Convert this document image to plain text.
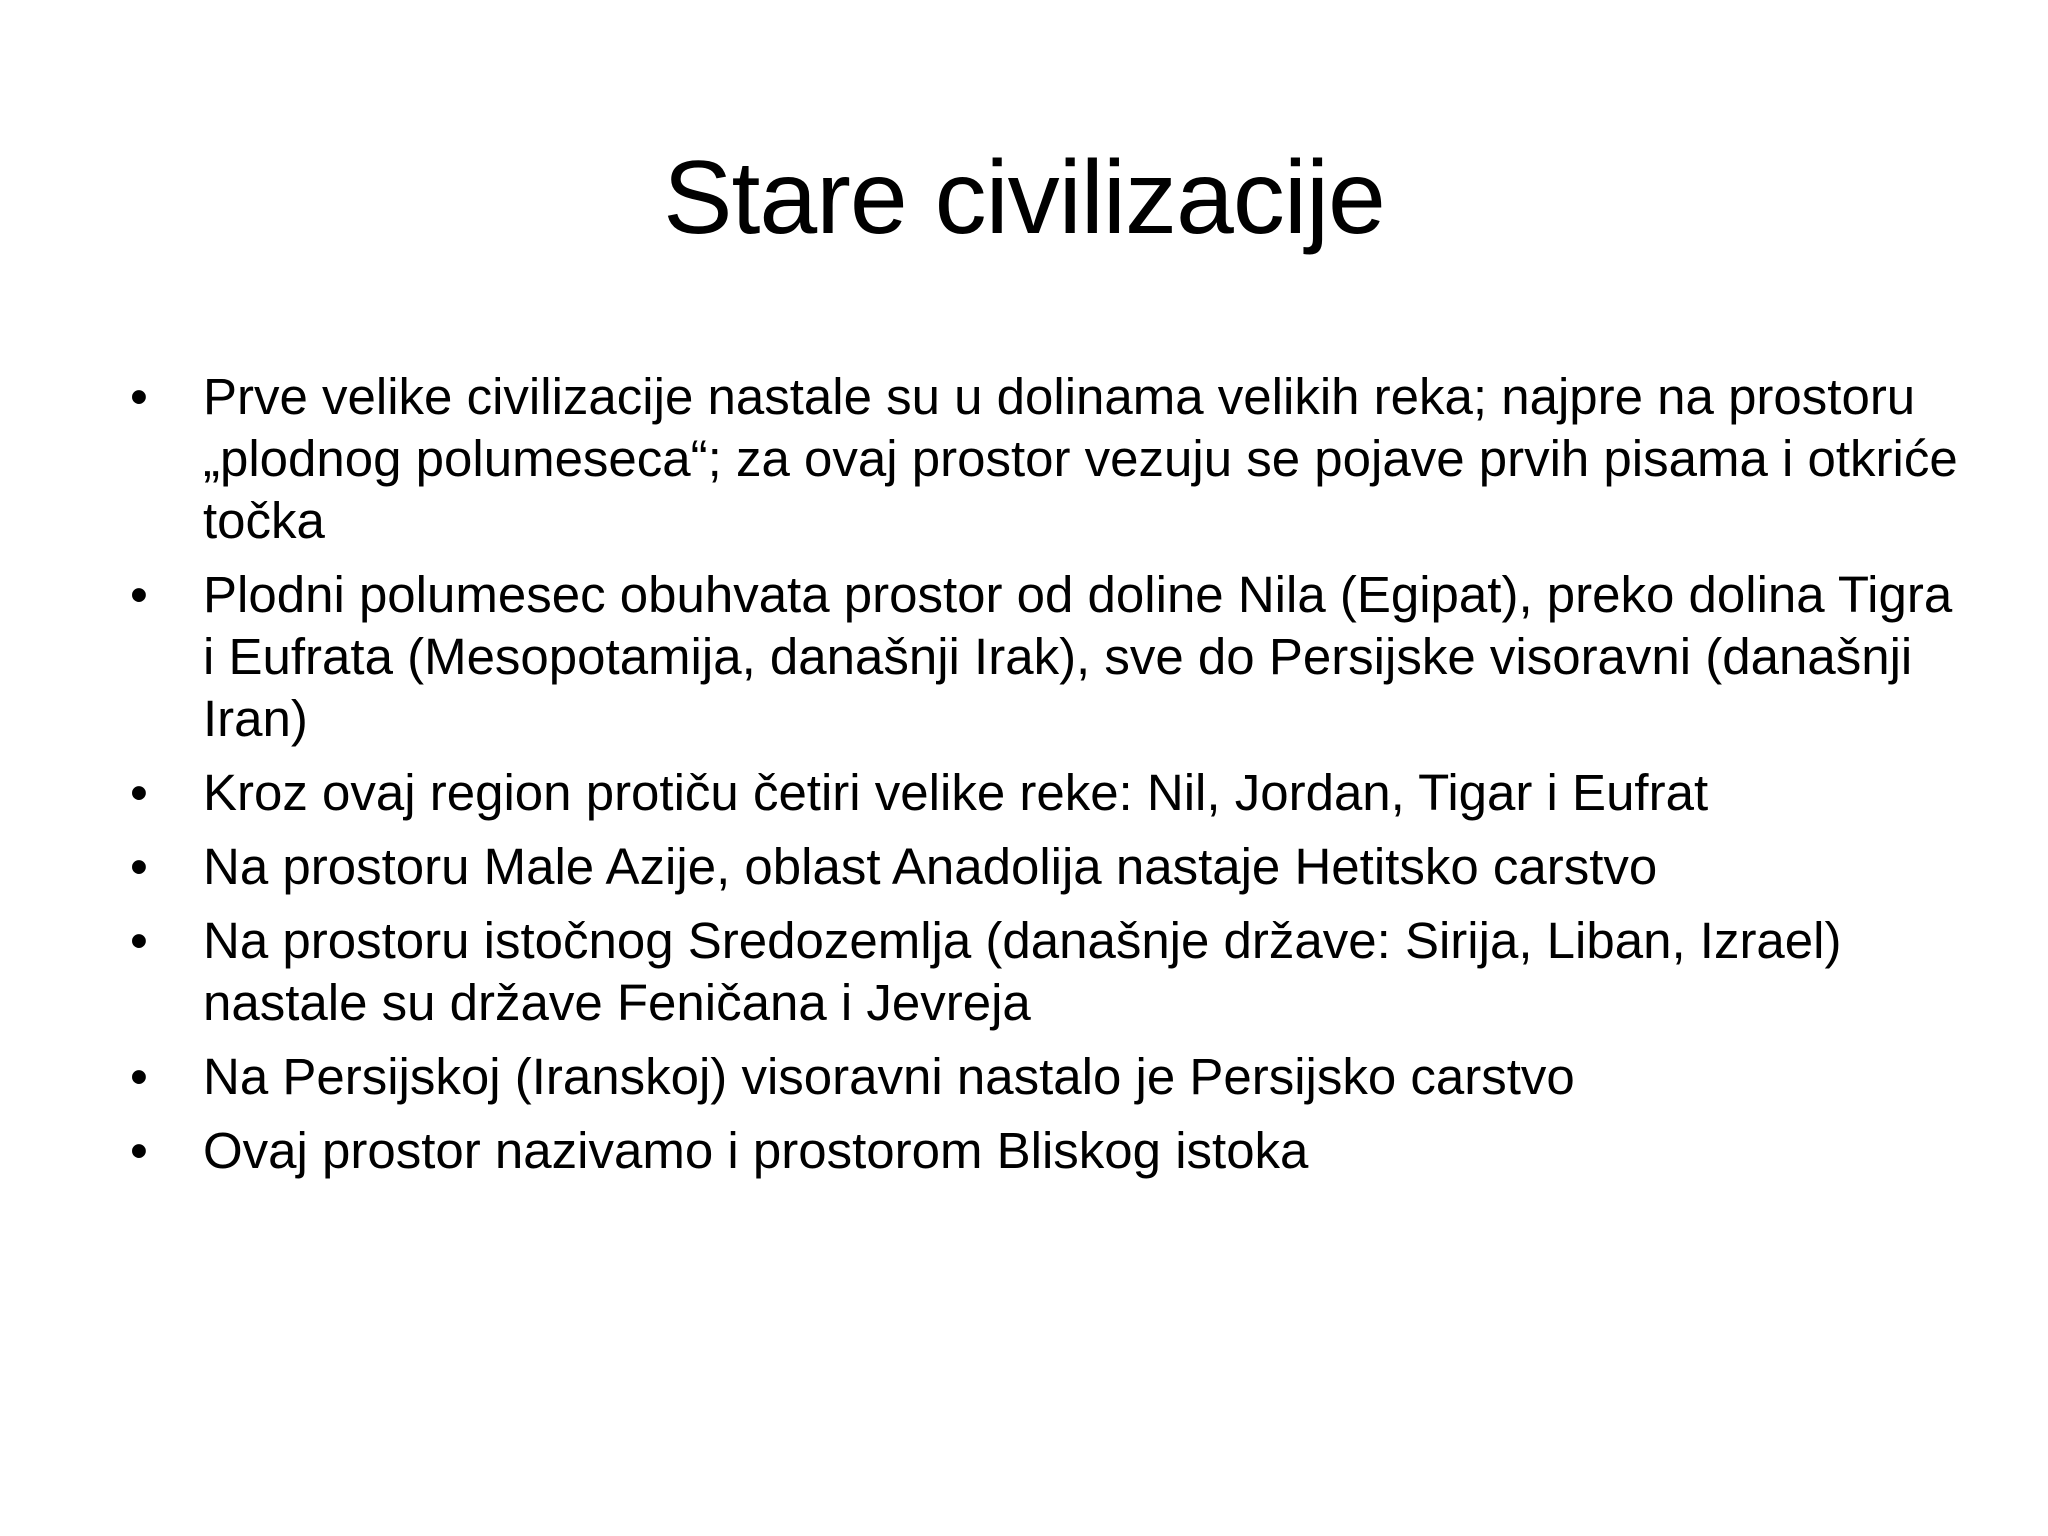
Stare civilizacije
•	Prve velike civilizacije nastale su u dolinama velikih reka; najpre na prostoru „plodnog polumeseca“; za ovaj prostor vezuju se pojave prvih pisama i otkriće točka
•	Plodni polumesec obuhvata prostor od doline Nila (Egipat), preko dolina Tigra i Eufrata (Mesopotamija, današnji Irak), sve do Persijske visoravni (današnji Iran)
•	Kroz ovaj region protiču četiri velike reke: Nil, Jordan, Tigar i Eufrat
•	Na prostoru Male Azije, oblast Anadolija nastaje Hetitsko carstvo
•	Na prostoru istočnog Sredozemlja (današnje države: Sirija, Liban, Izrael) nastale su države Feničana i Jevreja
•	Na Persijskoj (Iranskoj) visoravni nastalo je Persijsko carstvo
•	Ovaj prostor nazivamo i prostorom Bliskog istoka
